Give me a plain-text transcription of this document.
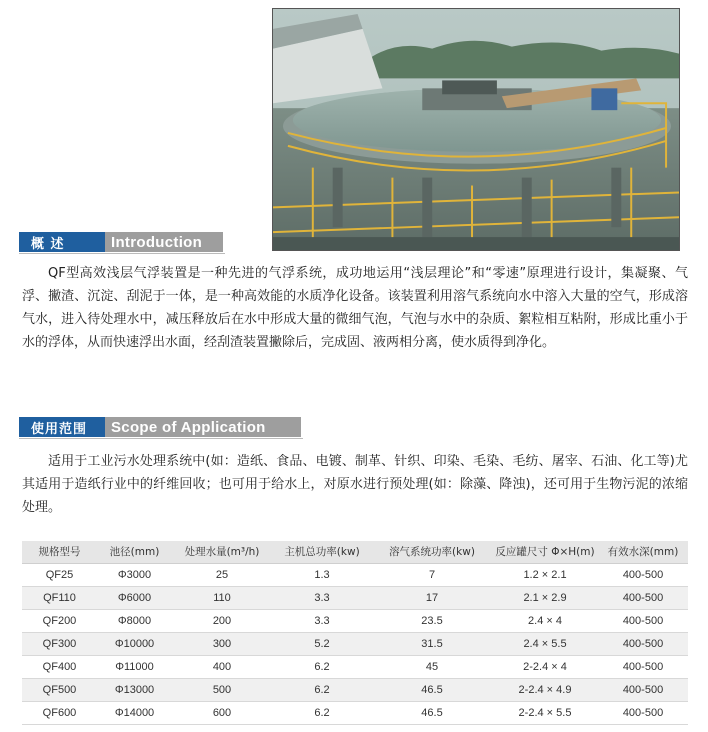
概 述	Introduction

QF型高效浅层气浮装置是一种先进的气浮系统，成功地运用“浅层理论”和“零速”原理进行设计，集凝聚、气浮、撇渣、沉淀、刮泥于一体，是一种高效能的水质净化设备。该装置利用溶气系统向水中溶入大量的空气，形成溶气水，进入待处理水中，减压释放后在水中形成大量的微细气泡，气泡与水中的杂质、絮粒相互粘附，形成比重小于水的浮体，从而快速浮出水面，经刮渣装置撇除后，完成固、液两相分离，使水质得到净化。

使用范围	Scope of Application

适用于工业污水处理系统中(如：造纸、食品、电镀、制革、针织、印染、毛染、毛纺、屠宰、石油、化工等)尤其适用于造纸行业中的纤维回收；也可用于给水上，对原水进行预处理(如：除藻、降浊)，还可用于生物污泥的浓缩处理。

规格型号	池径(mm)	处理水量(m³/h)	主机总功率(kw)	溶气系统功率(kw)	反应罐尺寸 Φ×H(m)	有效水深(mm)
QF25	Φ3000	25	1.3	7	1.2 × 2.1	400-500
QF110	Φ6000	110	3.3	17	2.1 × 2.9	400-500
QF200	Φ8000	200	3.3	23.5	2.4 × 4	400-500
QF300	Φ10000	300	5.2	31.5	2.4 × 5.5	400-500
QF400	Φ11000	400	6.2	45	2-2.4 × 4	400-500
QF500	Φ13000	500	6.2	46.5	2-2.4 × 4.9	400-500
QF600	Φ14000	600	6.2	46.5	2-2.4 × 5.5	400-500
